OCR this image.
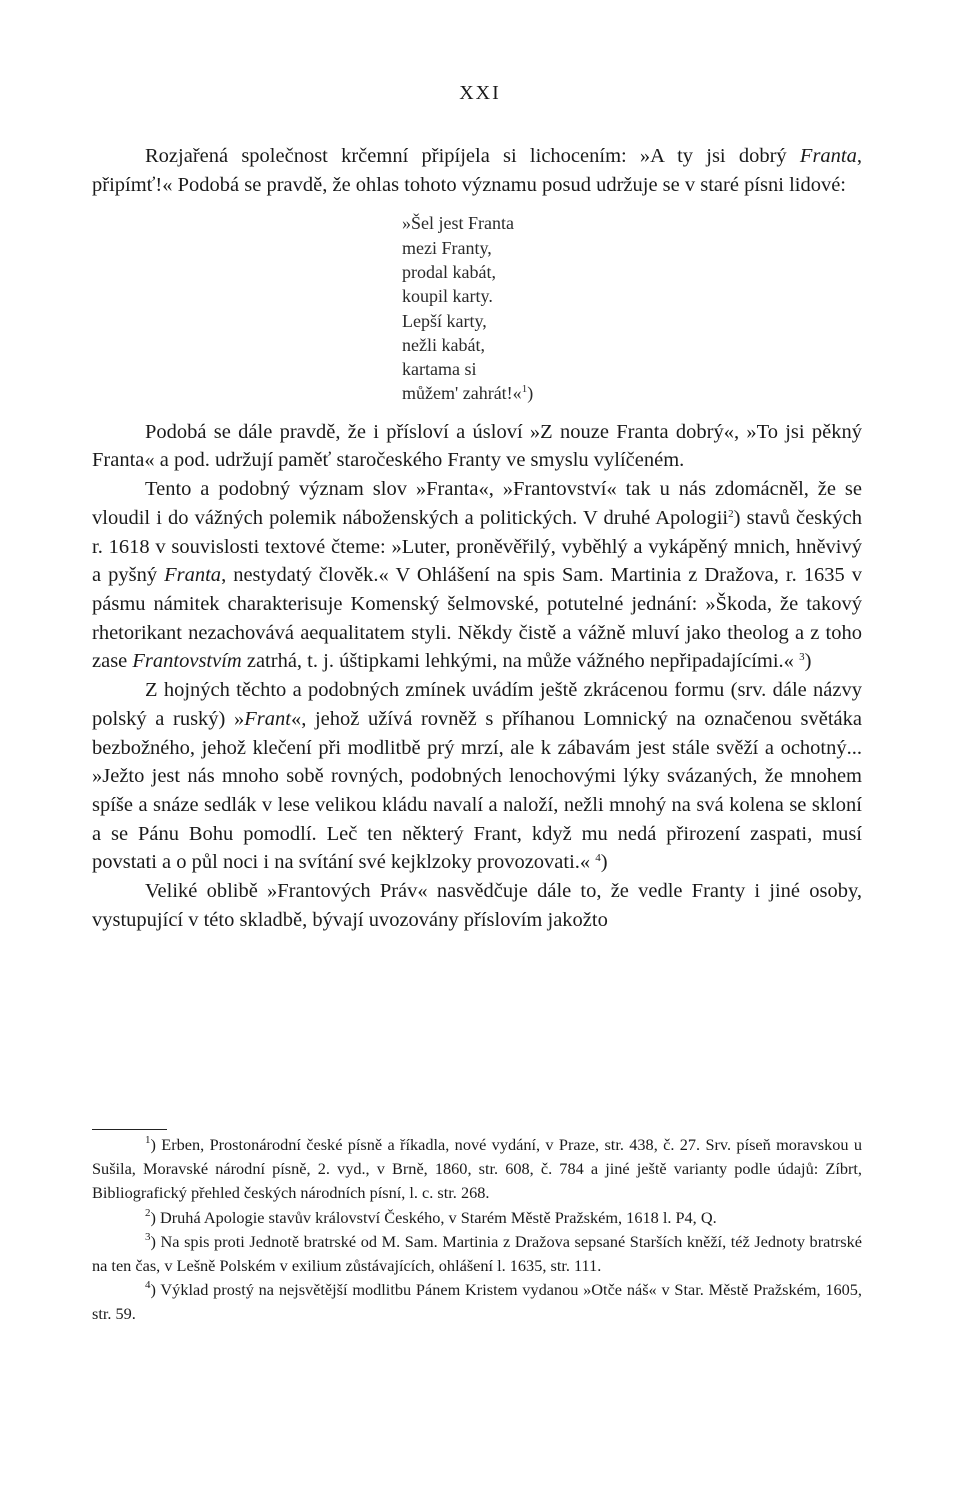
XXI

Rozjařená společnost krčemní připíjela si lichocením: »A ty jsi dobrý Franta, připímť!« Podobá se pravdě, že ohlas tohoto významu posud udržuje se v staré písni lidové:

»Šel jest Franta
mezi Franty,
prodal kabát,
koupil karty.
Lepší karty,
nežli kabát,
kartama si
můžem' zahrát!«$^1$)

Podobá se dále pravdě, že i přísloví a úsloví »Z nouze Franta dobrý«, »To jsi pěkný Franta« a pod. udržují paměť staročeského Franty ve smyslu vylíčeném.

Tento a podobný význam slov »Franta«, »Frantovství« tak u nás zdomácněl, že se vloudil i do vážných polemik náboženských a politických. V druhé Apologii$^2$) stavů českých r. 1618 v souvislosti textové čteme: »Luter, proněvěřilý, vyběhlý a vykápěný mnich, hněvivý a pyšný Franta, nestydatý člověk.« V Ohlášení na spis Sam. Martinia z Dražova, r. 1635 v pásmu námitek charakterisuje Komenský šelmovské, potutelné jednání: »Škoda, že takový rhetorikant nezachovává aequalitatem styli. Někdy čistě a vážně mluví jako theolog a z toho zase Frantovstvím zatrhá, t. j. úštipkami lehkými, na může vážného nepřipadajícími.« $^3$)

Z hojných těchto a podobných zmínek uvádím ještě zkrácenou formu (srv. dále názvy polský a ruský) »Frant«, jehož užívá rovněž s příhanou Lomnický na označenou světáka bezbožného, jehož klečení při modlitbě prý mrzí, ale k zábavám jest stále svěží a ochotný... »Ježto jest nás mnoho sobě rovných, podobných lenochovými lýky svázaných, že mnohem spíše a snáze sedlák v lese velikou kládu navalí a naloží, nežli mnohý na svá kolena se skloní a se Pánu Bohu pomodlí. Leč ten některý Frant, když mu nedá přirození zaspati, musí povstati a o půl noci i na svítání své kejklzoky provozovati.« $^4$)

Veliké oblibě »Frantových Práv« nasvědčuje dále to, že vedle Franty i jiné osoby, vystupující v této skladbě, bývají uvozovány příslovím jakožto

$^1$) Erben, Prostonárodní české písně a říkadla, nové vydání, v Praze, str. 438, č. 27. Srv. píseň moravskou u Sušila, Moravské národní písně, 2. vyd., v Brně, 1860, str. 608, č. 784 a jiné ještě varianty podle údajů: Zíbrt, Bibliografický přehled českých národních písní, l. c. str. 268.

$^2$) Druhá Apologie stavův království Českého, v Starém Městě Pražském, 1618 l. P4, Q.

$^3$) Na spis proti Jednotě bratrské od M. Sam. Martinia z Dražova sepsané Starších kněží, též Jednoty bratrské na ten čas, v Lešně Polském v exilium zůstávajících, ohlášení l. 1635, str. 111.

$^4$) Výklad prostý na nejsvětější modlitbu Pánem Kristem vydanou »Otče náš« v Star. Městě Pražském, 1605, str. 59.
